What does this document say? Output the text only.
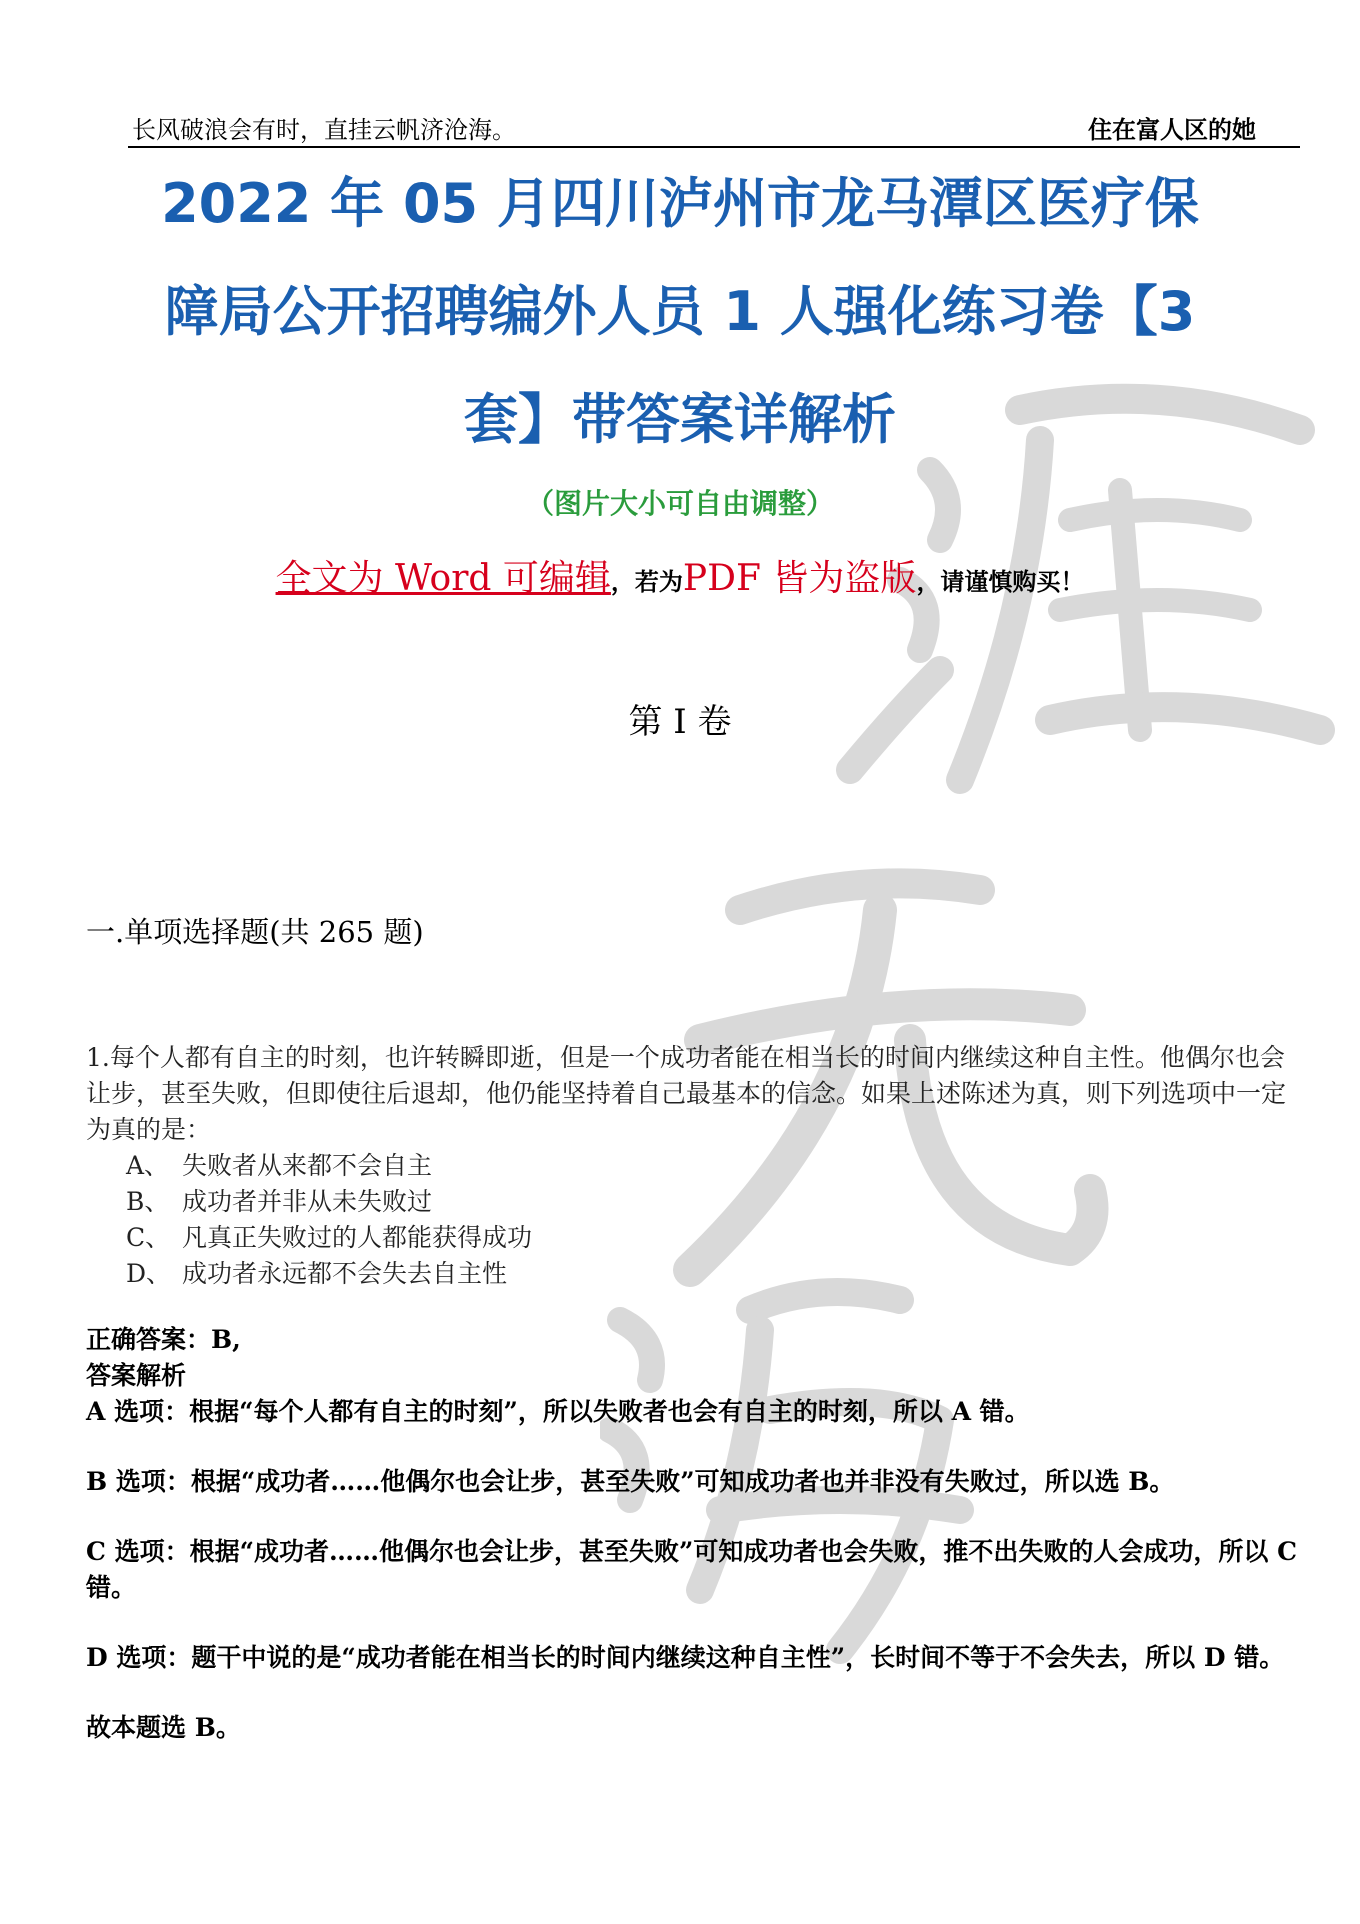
长风破浪会有时，直挂云帆济沧海。	住在富人区的她
2022 年 05 月四川泸州市龙马潭区医疗保
障局公开招聘编外人员 1 人强化练习卷【3
套】带答案详解析
（图片大小可自由调整）
全文为 Word 可编辑，若为PDF 皆为盗版，请谨慎购买！
第 I 卷
一.单项选择题(共 265 题)
1.每个人都有自主的时刻，也许转瞬即逝，但是一个成功者能在相当长的时间内继续这种自主性。他偶尔也会让步，甚至失败，但即使往后退却，他仍能坚持着自己最基本的信念。如果上述陈述为真，则下列选项中一定为真的是：
A、 失败者从来都不会自主
B、 成功者并非从未失败过
C、 凡真正失败过的人都能获得成功
D、 成功者永远都不会失去自主性

正确答案：B,

答案解析

A 选项：根据“每个人都有自主的时刻”，所以失败者也会有自主的时刻，所以 A 错。

B 选项：根据“成功者……他偶尔也会让步，甚至失败”可知成功者也并非没有失败过，所以选 B。

C 选项：根据“成功者……他偶尔也会让步，甚至失败”可知成功者也会失败，推不出失败的人会成功，所以 C 错。

D 选项：题干中说的是“成功者能在相当长的时间内继续这种自主性”，长时间不等于不会失去，所以 D 错。

故本题选 B。
